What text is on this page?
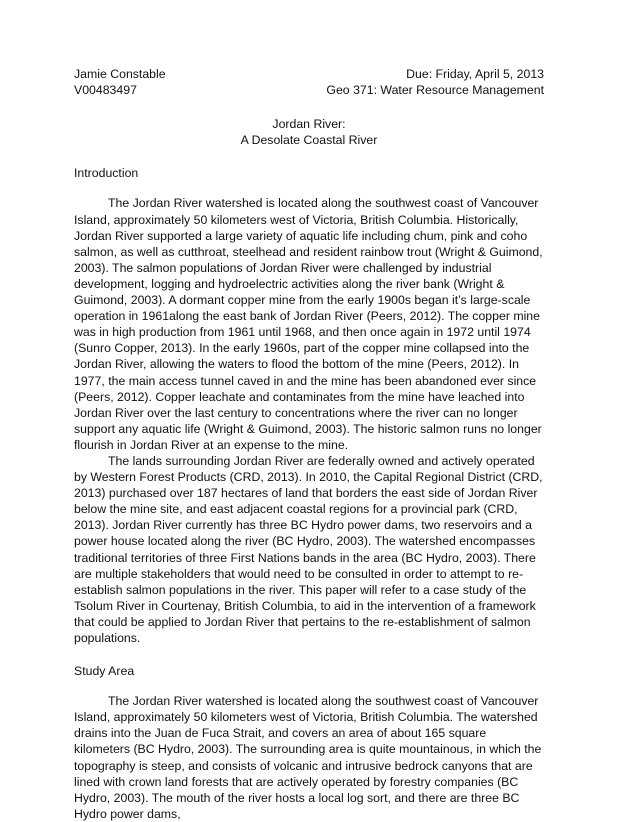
Jamie Constable	Due: Friday, April 5, 2013
V00483497	Geo 371: Water Resource Management
Jordan River:
A Desolate Coastal River
Introduction

The Jordan River watershed is located along the southwest coast of Vancouver Island, approximately 50 kilometers west of Victoria, British Columbia. Historically, Jordan River supported a large variety of aquatic life including chum, pink and coho salmon, as well as cutthroat, steelhead and resident rainbow trout (Wright & Guimond, 2003). The salmon populations of Jordan River were challenged by industrial development, logging and hydroelectric activities along the river bank (Wright & Guimond, 2003). A dormant copper mine from the early 1900s began it’s large-scale operation in 1961along the east bank of Jordan River (Peers, 2012). The copper mine was in high production from 1961 until 1968, and then once again in 1972 until 1974 (Sunro Copper, 2013). In the early 1960s, part of the copper mine collapsed into the Jordan River, allowing the waters to flood the bottom of the mine (Peers, 2012). In 1977, the main access tunnel caved in and the mine has been abandoned ever since (Peers, 2012). Copper leachate and contaminates from the mine have leached into Jordan River over the last century to concentrations where the river can no longer support any aquatic life (Wright & Guimond, 2003). The historic salmon runs no longer flourish in Jordan River at an expense to the mine.

The lands surrounding Jordan River are federally owned and actively operated by Western Forest Products (CRD, 2013). In 2010, the Capital Regional District (CRD, 2013) purchased over 187 hectares of land that borders the east side of Jordan River below the mine site, and east adjacent coastal regions for a provincial park (CRD, 2013). Jordan River currently has three BC Hydro power dams, two reservoirs and a power house located along the river (BC Hydro, 2003). The watershed encompasses traditional territories of three First Nations bands in the area (BC Hydro, 2003). There are multiple stakeholders that would need to be consulted in order to attempt to re-establish salmon populations in the river. This paper will refer to a case study of the Tsolum River in Courtenay, British Columbia, to aid in the intervention of a framework that could be applied to Jordan River that pertains to the re-establishment of salmon populations.

Study Area

The Jordan River watershed is located along the southwest coast of Vancouver Island, approximately 50 kilometers west of Victoria, British Columbia. The watershed drains into the Juan de Fuca Strait, and covers an area of about 165 square kilometers (BC Hydro, 2003). The surrounding area is quite mountainous, in which the topography is steep, and consists of volcanic and intrusive bedrock canyons that are lined with crown land forests that are actively operated by forestry companies (BC Hydro, 2003). The mouth of the river hosts a local log sort, and there are three BC Hydro power dams,
